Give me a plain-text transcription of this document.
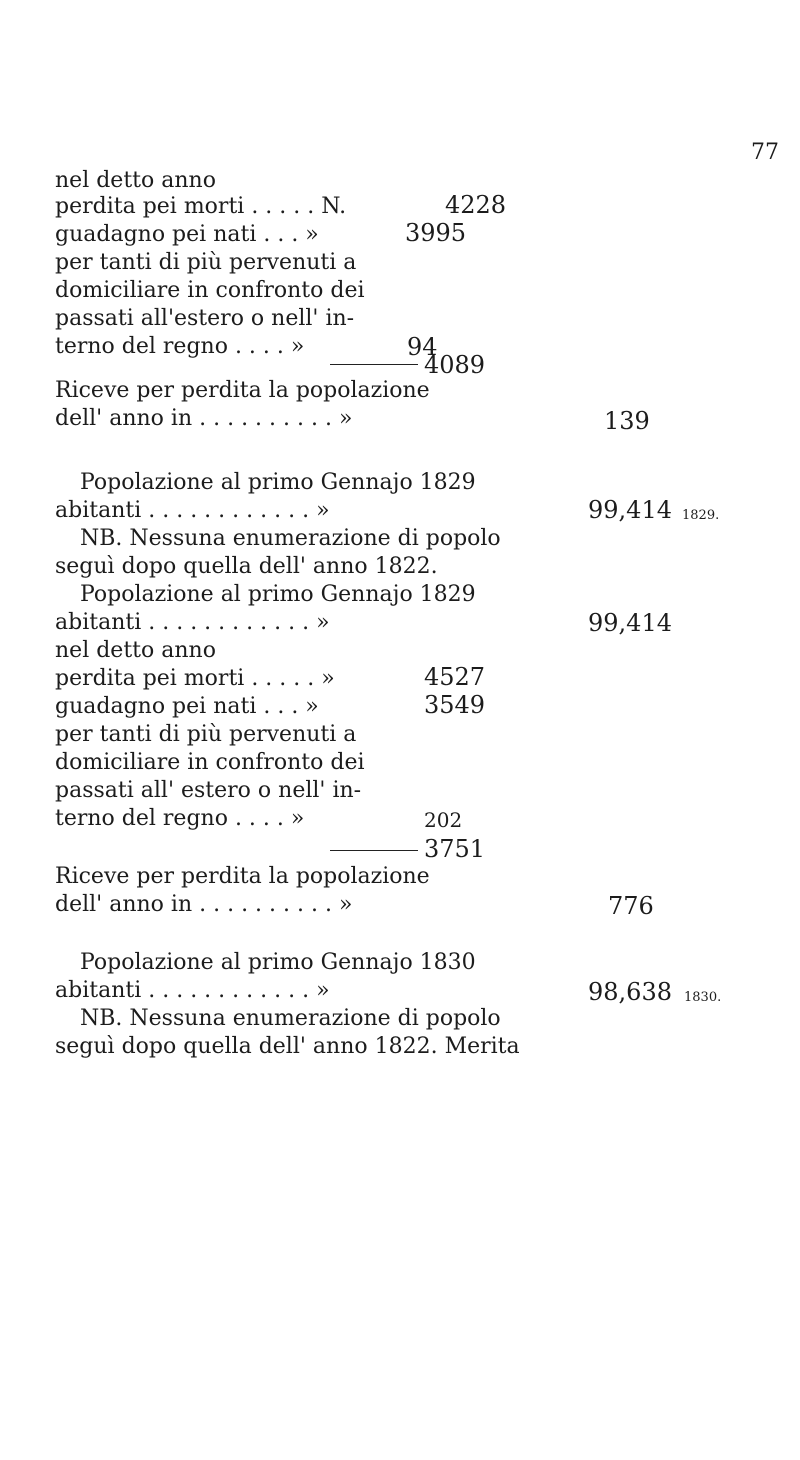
77
nel detto anno
perdita pei morti . . . . . N.	4228
guadagno pei nati . . . »	3995
per tanti di più pervenuti a
domiciliare in confronto dei
passati all'estero o nell' in-
terno del regno . . . . »	94
4089
Riceve per perdita la popolazione
dell' anno in . . . . . . . . . . »	139
Popolazione al primo Gennajo 1829
abitanti . . . . . . . . . . . . »	99,414 1829.
NB. Nessuna enumerazione di popolo
seguì dopo quella dell' anno 1822.
Popolazione al primo Gennajo 1829
abitanti . . . . . . . . . . . . »	99,414
nel detto anno
perdita pei morti . . . . . »	4527
guadagno pei nati . . . »	3549
per tanti di più pervenuti a
domiciliare in confronto dei
passati all' estero o nell' in-
terno del regno . . . . »	202
3751
Riceve per perdita la popolazione
dell' anno in . . . . . . . . . . »	776
Popolazione al primo Gennajo 1830
abitanti . . . . . . . . . . . . »	98,638 1830.
NB. Nessuna enumerazione di popolo
seguì dopo quella dell' anno 1822. Merita
